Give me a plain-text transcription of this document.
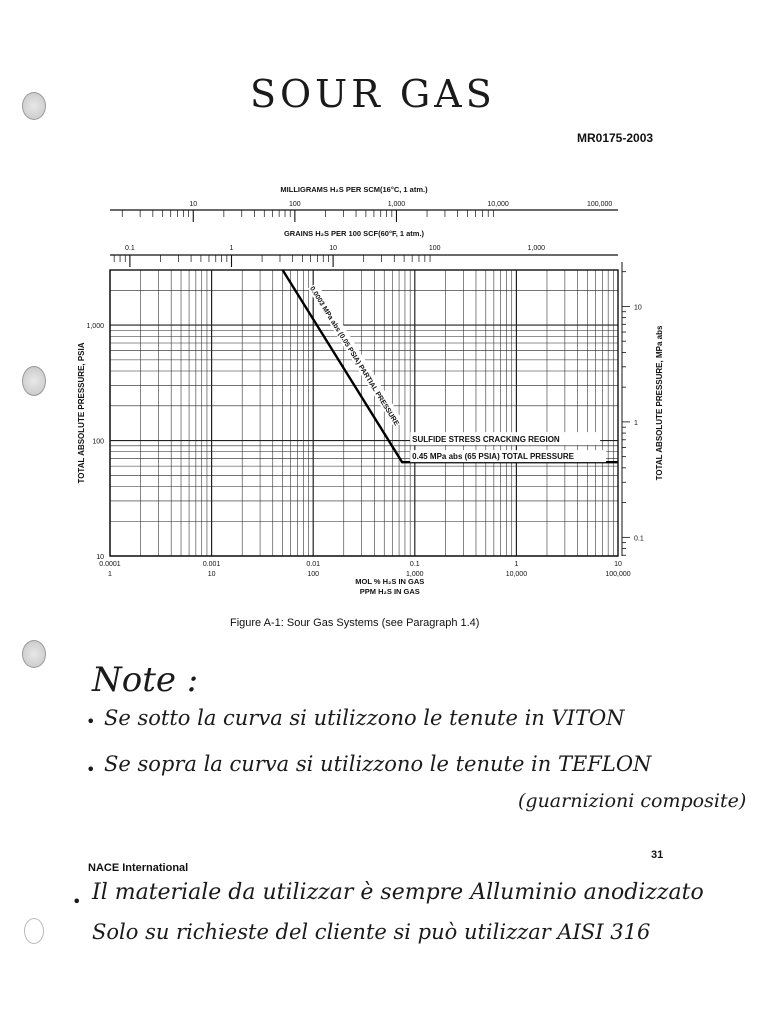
SOUR GAS
MR0175-2003
0.1
1
10
10	100	1,000	10,000	100,000
MILLIGRAMS H₂S PER SCM(16°C, 1 atm.)
0.1	1	10	100	1,000
GRAINS H₂S PER 100 SCF(60°F, 1 atm.)
0.0001	0.001	0.01	0.1	1	10
1	10	100	1,000	10,000	100,000
MOL % H₂S IN GAS
PPM H₂S IN GAS
10
100
1,000
TOTAL ABSOLUTE PRESSURE, PSIA	TOTAL ABSOLUTE PRESSURE, MPa abs
0.0003 MPa abs (0.05 PSIA) PARTIAL PRESSURE
SULFIDE STRESS CRACKING REGION
0.45 MPa abs (65 PSIA) TOTAL PRESSURE
Figure A-1: Sour Gas Systems (see Paragraph 1.4)
Note :
• Se sotto la curva si utilizzono le tenute in VITON
• Se sopra la curva si utilizzono le tenute in TEFLON
(guarnizioni composite)
NACE International
31
• Il materiale da utilizzar è sempre Alluminio anodizzato
Solo su richieste del cliente si può utilizzar AISI 316
